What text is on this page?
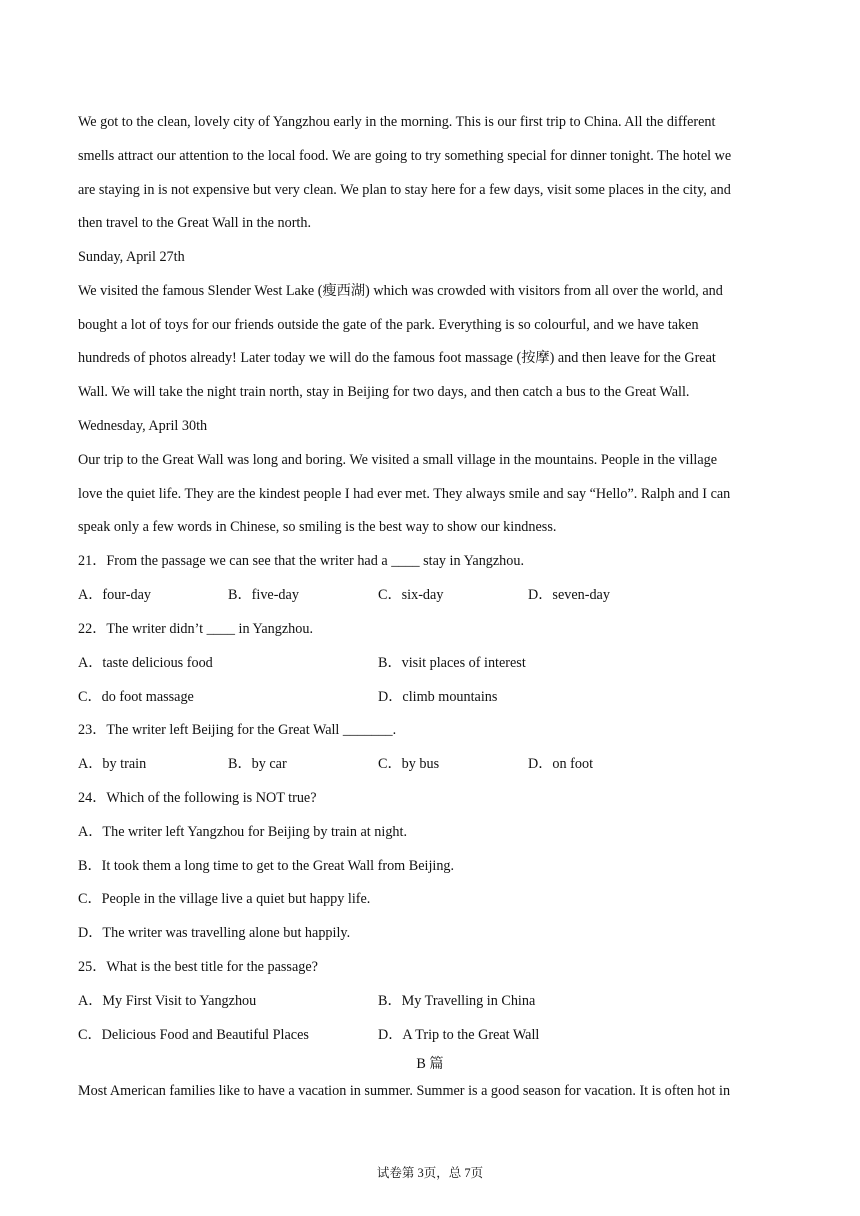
We got to the clean, lovely city of Yangzhou early in the morning. This is our first trip to China. All the different

smells attract our attention to the local food. We are going to try something special for dinner tonight. The hotel we

are staying in is not expensive but very clean. We plan to stay here for a few days, visit some places in the city, and

then travel to the Great Wall in the north.

Sunday, April 27th

We visited the famous Slender West Lake (瘦西湖) which was crowded with visitors from all over the world, and

bought a lot of toys for our friends outside the gate of the park. Everything is so colourful, and we have taken

hundreds of photos already! Later today we will do the famous foot massage (按摩) and then leave for the Great

Wall. We will take the night train north, stay in Beijing for two days, and then catch a bus to the Great Wall.

Wednesday, April 30th

Our trip to the Great Wall was long and boring. We visited a small village in the mountains. People in the village

love the quiet life. They are the kindest people I had ever met. They always smile and say “Hello”. Ralph and I can

speak only a few words in Chinese, so smiling is the best way to show our kindness.

21．From the passage we can see that the writer had a ____ stay in Yangzhou.

A．four-day	B．five-day	C．six-day	D．seven-day

22．The writer didn’t ____ in Yangzhou.

A．taste delicious food	B．visit places of interest
C．do foot massage	D．climb mountains

23．The writer left Beijing for the Great Wall _______.

A．by train	B．by car	C．by bus	D．on foot

24．Which of the following is NOT true?

A．The writer left Yangzhou for Beijing by train at night.

B．It took them a long time to get to the Great Wall from Beijing.

C．People in the village live a quiet but happy life.

D．The writer was travelling alone but happily.

25．What is the best title for the passage?

A．My First Visit to Yangzhou	B．My Travelling in China
C．Delicious Food and Beautiful Places	D．A Trip to the Great Wall
B 篇

Most American families like to have a vacation in summer. Summer is a good season for vacation. It is often hot in

试卷第 3页，总 7页
